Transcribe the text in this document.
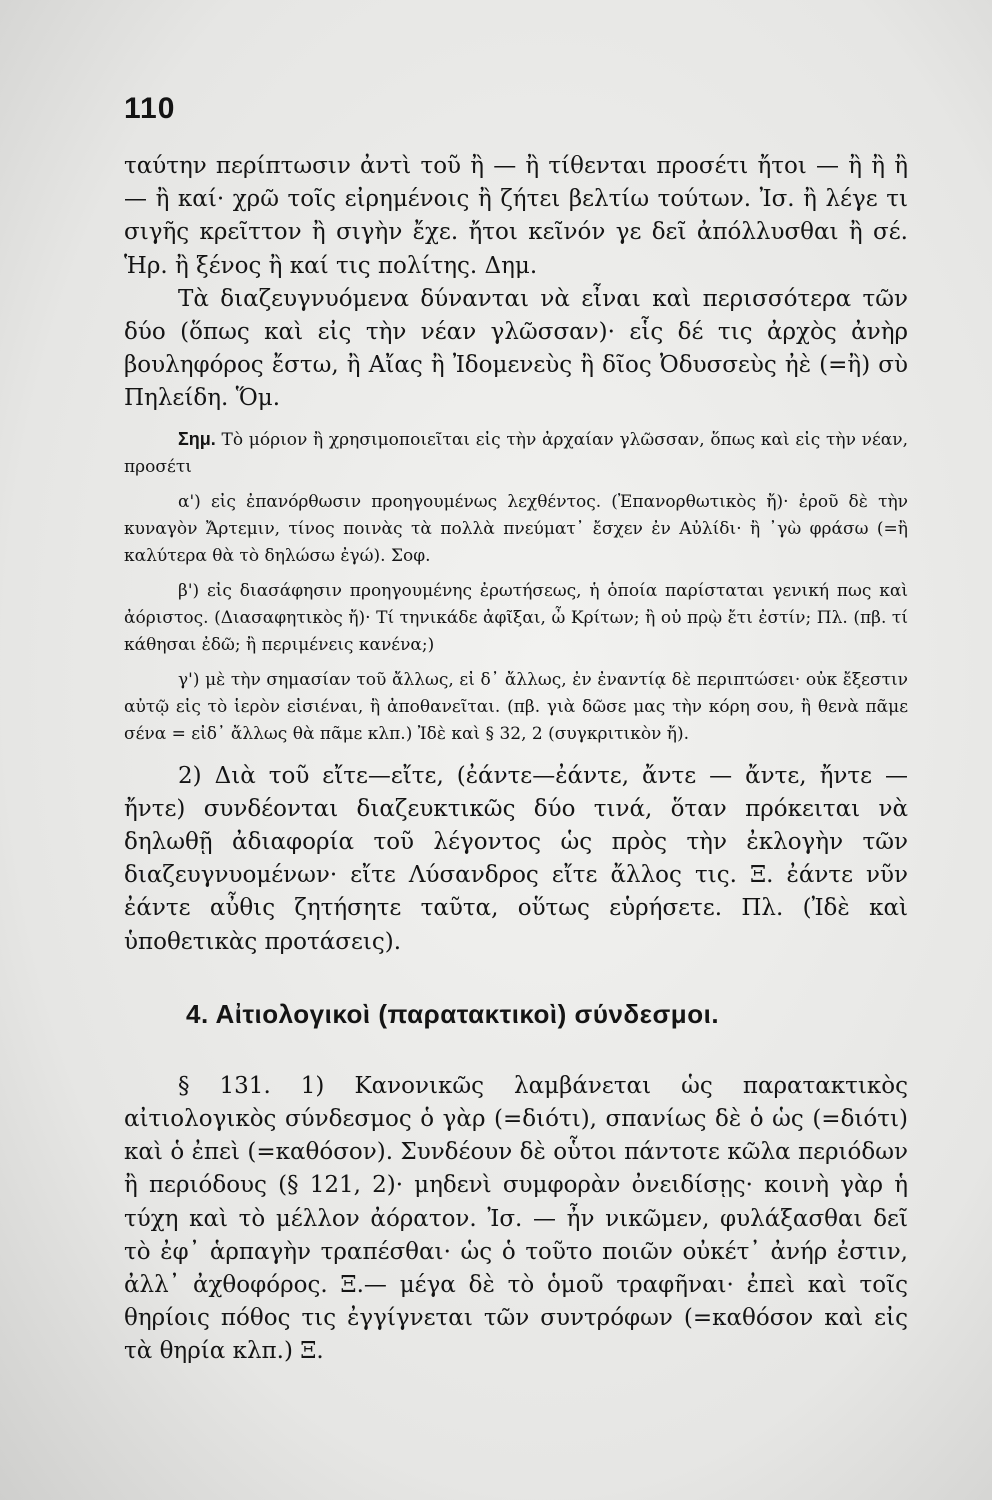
110

ταύτην περίπτωσιν ἀντὶ τοῦ ἢ — ἢ τίθενται προσέτι ἤτοι — ἢ ἢ ἢ — ἢ καί· χρῶ τοῖς εἰρημένοις ἢ ζήτει βελτίω τούτων. Ἰσ. ἢ λέγε τι σιγῆς κρεῖττον ἢ σιγὴν ἔχε. ἤτοι κεῖνόν γε δεῖ ἀπόλλυσθαι ἢ σέ. Ἡρ. ἢ ξένος ἢ καί τις πολίτης. Δημ.

Τὰ διαζευγνυόμενα δύνανται νὰ εἶναι καὶ περισσότερα τῶν δύο (ὅπως καὶ εἰς τὴν νέαν γλῶσσαν)· εἷς δέ τις ἀρχὸς ἀνὴρ βουληφόρος ἔστω, ἢ Αἴας ἢ Ἰδομενεὺς ἢ δῖος Ὀδυσσεὺς ἠὲ (=ἢ) σὺ Πηλείδη. Ὅμ.

Σημ. Τὸ μόριον ἢ χρησιμοποιεῖται εἰς τὴν ἀρχαίαν γλῶσσαν, ὅπως καὶ εἰς τὴν νέαν, προσέτι

α') εἰς ἐπανόρθωσιν προηγουμένως λεχθέντος. (Ἐπανορθωτικὸς ἤ)· ἐροῦ δὲ τὴν κυναγὸν Ἄρτεμιν, τίνος ποινὰς τὰ πολλὰ πνεύματ᾿ ἔσχεν ἐν Αὐλίδι· ἢ ᾽γὼ φράσω (=ἢ καλύτερα θὰ τὸ δηλώσω ἐγώ). Σοφ.

β') εἰς διασάφησιν προηγουμένης ἐρωτήσεως, ἡ ὁποία παρίσταται γενική πως καὶ ἀόριστος. (Διασαφητικὸς ἤ)· Τί τηνικάδε ἀφῖξαι, ὦ Κρίτων; ἢ οὐ πρῲ ἔτι ἐστίν; Πλ. (πβ. τί κάθησαι ἐδῶ; ἢ περιμένεις κανένα;)

γ') μὲ τὴν σημασίαν τοῦ ἄλλως, εἰ δ᾿ ἄλλως, ἐν ἐναντίᾳ δὲ περιπτώσει· οὐκ ἔξεστιν αὐτῷ εἰς τὸ ἱερὸν εἰσιέναι, ἢ ἀποθανεῖται. (πβ. γιὰ δῶσε μας τὴν κόρη σου, ἢ θενὰ πᾶμε σένα = εἰδ᾿ ἄλλως θὰ πᾶμε κλπ.) Ἰδὲ καὶ § 32, 2 (συγκριτικὸν ἤ).

2) Διὰ τοῦ εἴτε—εἴτε, (ἐάντε—ἐάντε, ἄντε — ἄντε, ἤντε — ἤντε) συνδέονται διαζευκτικῶς δύο τινά, ὅταν πρόκειται νὰ δηλωθῇ ἀδιαφορία τοῦ λέγοντος ὡς πρὸς τὴν ἐκλογὴν τῶν διαζευγνυομένων· εἴτε Λύσανδρος εἴτε ἄλλος τις. Ξ. ἐάντε νῦν ἐάντε αὖθις ζητήσητε ταῦτα, οὕτως εὑρήσετε. Πλ. (Ἰδὲ καὶ ὑποθετικὰς προτάσεις).

4. Αἰτιολογικοὶ (παρατακτικοὶ) σύνδεσμοι.

§ 131. 1) Κανονικῶς λαμβάνεται ὡς παρατακτικὸς αἰτιολογικὸς σύνδεσμος ὁ γὰρ (=διότι), σπανίως δὲ ὁ ὡς (=διότι) καὶ ὁ ἐπεὶ (=καθόσον). Συνδέουν δὲ οὗτοι πάντοτε κῶλα περιόδων ἢ περιόδους (§ 121, 2)· μηδενὶ συμφορὰν ὀνειδίσῃς· κοινὴ γὰρ ἡ τύχη καὶ τὸ μέλλον ἀόρατον. Ἰσ. — ἦν νικῶμεν, φυλάξασθαι δεῖ τὸ ἐφ᾿ ἁρπαγὴν τραπέσθαι· ὡς ὁ τοῦτο ποιῶν οὐκέτ᾿ ἀνήρ ἐστιν, ἀλλ᾿ ἀχθοφόρος. Ξ.— μέγα δὲ τὸ ὁμοῦ τραφῆναι· ἐπεὶ καὶ τοῖς θηρίοις πόθος τις ἐγγίγνεται τῶν συντρόφων (=καθόσον καὶ εἰς τὰ θηρία κλπ.) Ξ.
